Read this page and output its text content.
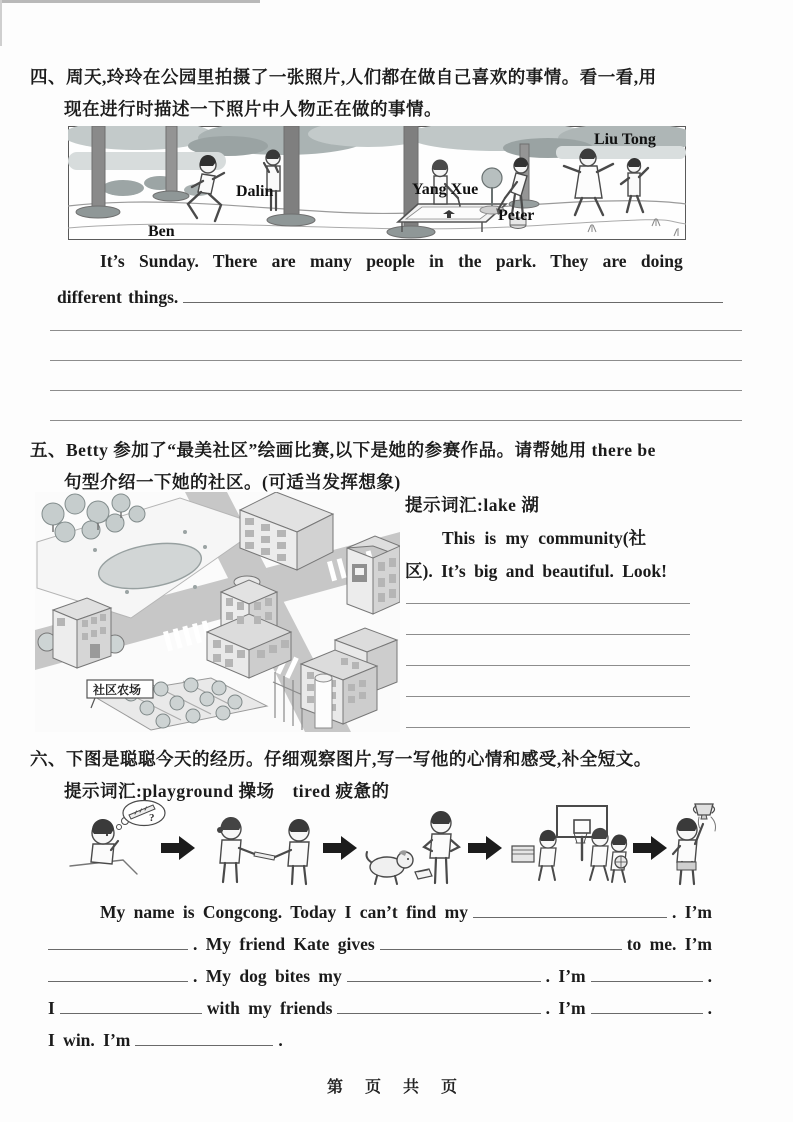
四、周天,玲玲在公园里拍摄了一张照片,人们都在做自己喜欢的事情。看一看,用
现在进行时描述一下照片中人物正在做的事情。
Ben
Dalin	Yang Xue
Peter
Liu Tong
It’s Sunday. There are many people in the park. They are doing
different things.
五、Betty 参加了“最美社区”绘画比赛,以下是她的参赛作品。请帮她用 there be
句型介绍一下她的社区。(可适当发挥想象)
社区农场
提示词汇:lake 湖
This is my community(社
区). It’s big and beautiful. Look!
六、下图是聪聪今天的经历。仔细观察图片,写一写他的心情和感受,补全短文。
提示词汇:playground 操场　tired 疲惫的
?
My name is Congcong. Today I can’t find my	. I’m
. My friend Kate gives	to me. I’m
. My dog bites my	. I’m	.
I	with my friends	. I’m	.
I win. I’m	.
第 页 共 页
